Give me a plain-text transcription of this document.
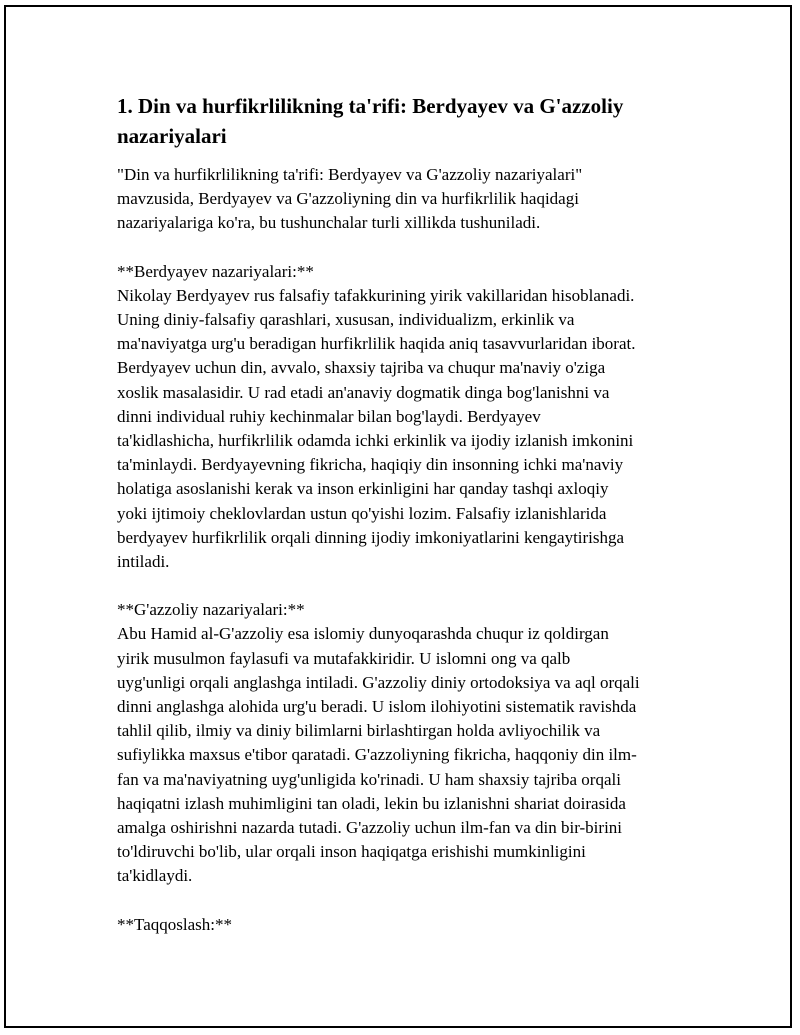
1. Din va hurfikrlilikning ta'rifi: Berdyayev va G'azzoliy nazariyalari

"Din va hurfikrlilikning ta'rifi: Berdyayev va G'azzoliy nazariyalari"
mavzusida, Berdyayev va G'azzoliyning din va hurfikrlilik haqidagi
nazariyalariga ko'ra, bu tushunchalar turli xillikda tushuniladi.

**Berdyayev nazariyalari:**
Nikolay Berdyayev rus falsafiy tafakkurining yirik vakillaridan hisoblanadi.
Uning diniy-falsafiy qarashlari, xususan, individualizm, erkinlik va
ma'naviyatga urg'u beradigan hurfikrlilik haqida aniq tasavvurlaridan iborat.
Berdyayev uchun din, avvalo, shaxsiy tajriba va chuqur ma'naviy o'ziga
xoslik masalasidir. U rad etadi an'anaviy dogmatik dinga bog'lanishni va
dinni individual ruhiy kechinmalar bilan bog'laydi. Berdyayev
ta'kidlashicha, hurfikrlilik odamda ichki erkinlik va ijodiy izlanish imkonini
ta'minlaydi. Berdyayevning fikricha, haqiqiy din insonning ichki ma'naviy
holatiga asoslanishi kerak va inson erkinligini har qanday tashqi axloqiy
yoki ijtimoiy cheklovlardan ustun qo'yishi lozim. Falsafiy izlanishlarida
berdyayev hurfikrlilik orqali dinning ijodiy imkoniyatlarini kengaytirishga
intiladi.

**G'azzoliy nazariyalari:**
Abu Hamid al-G'azzoliy esa islomiy dunyoqarashda chuqur iz qoldirgan
yirik musulmon faylasufi va mutafakkiridir. U islomni ong va qalb
uyg'unligi orqali anglashga intiladi. G'azzoliy diniy ortodoksiya va aql orqali
dinni anglashga alohida urg'u beradi. U islom ilohiyotini sistematik ravishda
tahlil qilib, ilmiy va diniy bilimlarni birlashtirgan holda avliyochilik va
sufiylikka maxsus e'tibor qaratadi. G'azzoliyning fikricha, haqqoniy din ilm-
fan va ma'naviyatning uyg'unligida ko'rinadi. U ham shaxsiy tajriba orqali
haqiqatni izlash muhimligini tan oladi, lekin bu izlanishni shariat doirasida
amalga oshirishni nazarda tutadi. G'azzoliy uchun ilm-fan va din bir-birini
to'ldiruvchi bo'lib, ular orqali inson haqiqatga erishishi mumkinligini
ta'kidlaydi.

**Taqqoslash:**
